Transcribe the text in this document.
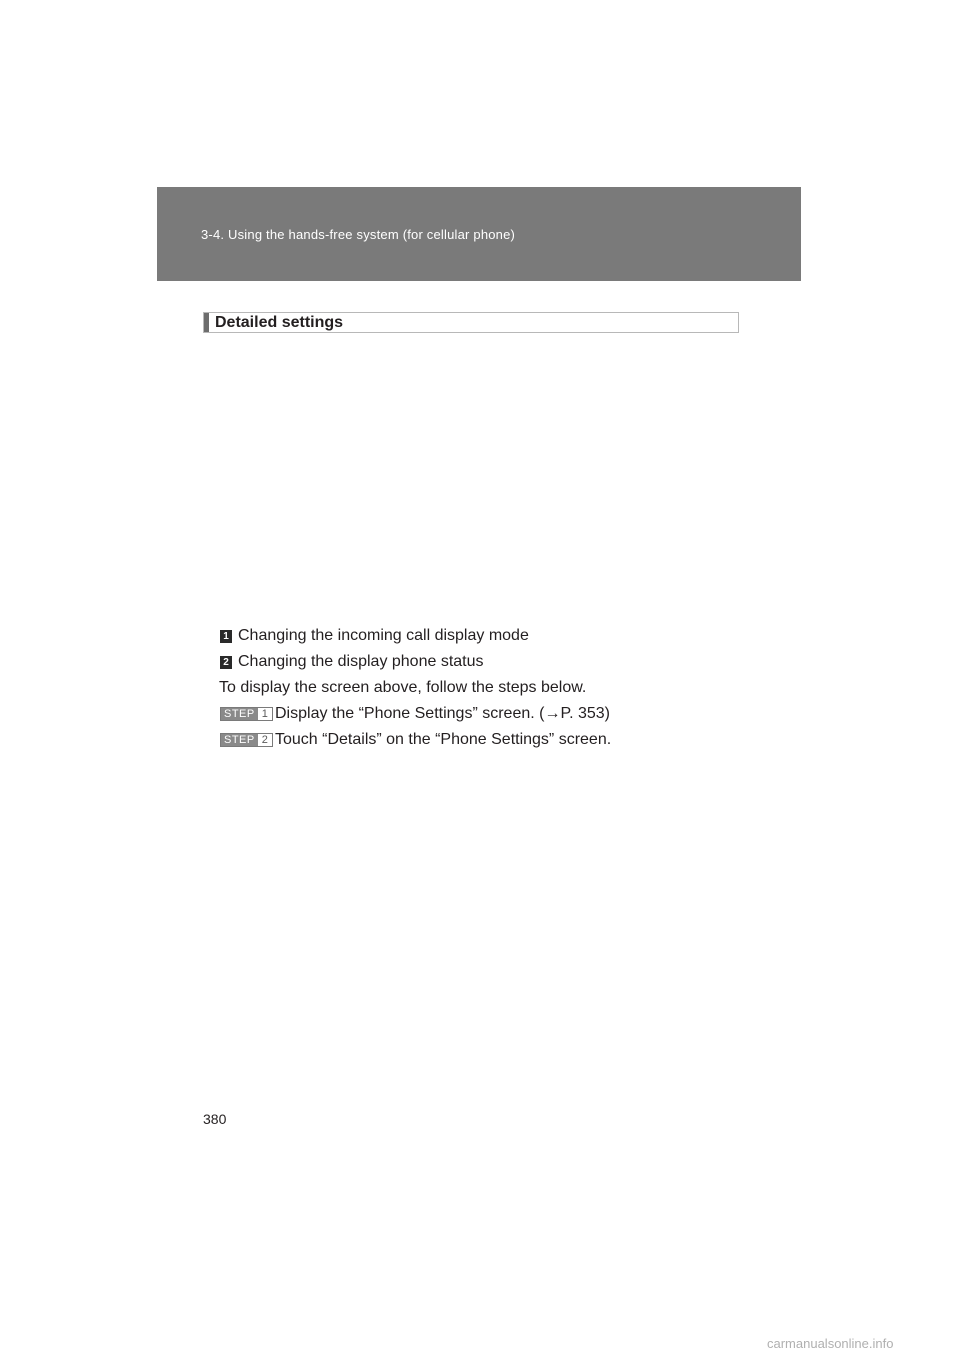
3-4. Using the hands-free system (for cellular phone)
Detailed settings
1 Changing the incoming call display mode
2 Changing the display phone status
To display the screen above, follow the steps below.
STEP 1 Display the “Phone Settings” screen. (→P. 353)
STEP 2 Touch “Details” on the “Phone Settings” screen.
380
carmanualsonline.info
